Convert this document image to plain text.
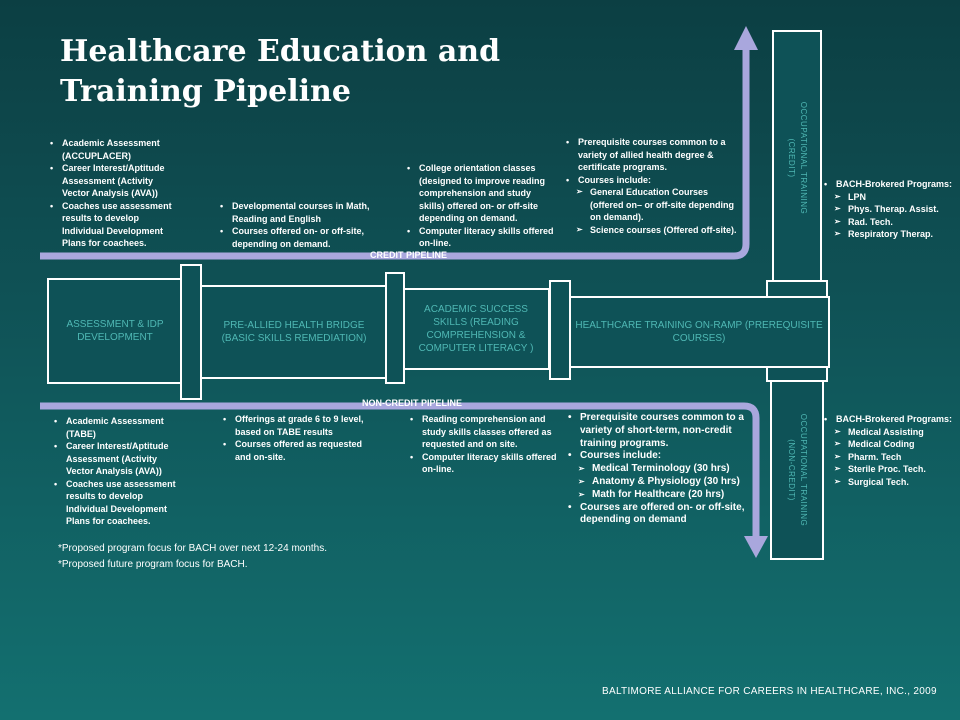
Healthcare Education and Training Pipeline
CREDIT PIPELINE
NON-CREDIT PIPELINE
OCCUPATIONAL TRAINING
(CREDIT)
OCCUPATIONAL TRAINING
(NON-CREDIT)
ASSESSMENT & IDP DEVELOPMENT
PRE-ALLIED HEALTH BRIDGE (BASIC SKILLS REMEDIATION)
ACADEMIC SUCCESS SKILLS (READING COMPREHENSION & COMPUTER LITERACY )
HEALTHCARE TRAINING ON-RAMP (PREREQUISITE COURSES)
• Academic Assessment (ACCUPLACER)
• Career Interest/Aptitude Assessment (Activity Vector Analysis (AVA))
• Coaches use assessment results to develop Individual Development Plans for coachees.
• Developmental courses in Math, Reading and English
• Courses offered on- or off-site, depending on demand.
• College orientation classes (designed to improve reading comprehension and study skills) offered on- or off-site depending on demand.
• Computer literacy skills offered on-line.
• Prerequisite courses common to a variety of allied health degree & certificate programs.
• Courses include:
➢ General Education Courses (offered on– or off-site depending on demand).
➢ Science courses (Offered off-site).
• BACH-Brokered Programs:
➢ LPN
➢ Phys. Therap. Assist.
➢ Rad. Tech.
➢ Respiratory Therap.
• Academic Assessment (TABE)
• Career Interest/Aptitude Assessment (Activity Vector Analysis (AVA))
• Coaches use assessment results to develop Individual Development Plans for coachees.
• Offerings at grade 6 to 9 level, based on TABE results
• Courses offered as requested and on-site.
• Reading comprehension and study skills classes offered as requested and on site.
• Computer literacy skills offered on-line.
• Prerequisite courses common to a variety of short-term, non-credit training programs.
• Courses include:
➢ Medical Terminology (30 hrs)
➢ Anatomy & Physiology (30 hrs)
➢ Math for Healthcare (20 hrs)
• Courses are offered on- or off-site, depending on demand
• BACH-Brokered Programs:
➢ Medical Assisting
➢ Medical Coding
➢ Pharm. Tech
➢ Sterile Proc. Tech.
➢ Surgical Tech.
*Proposed program focus for BACH over next 12-24 months.
*Proposed future program focus for BACH.
BALTIMORE ALLIANCE FOR CAREERS IN HEALTHCARE, INC., 2009
